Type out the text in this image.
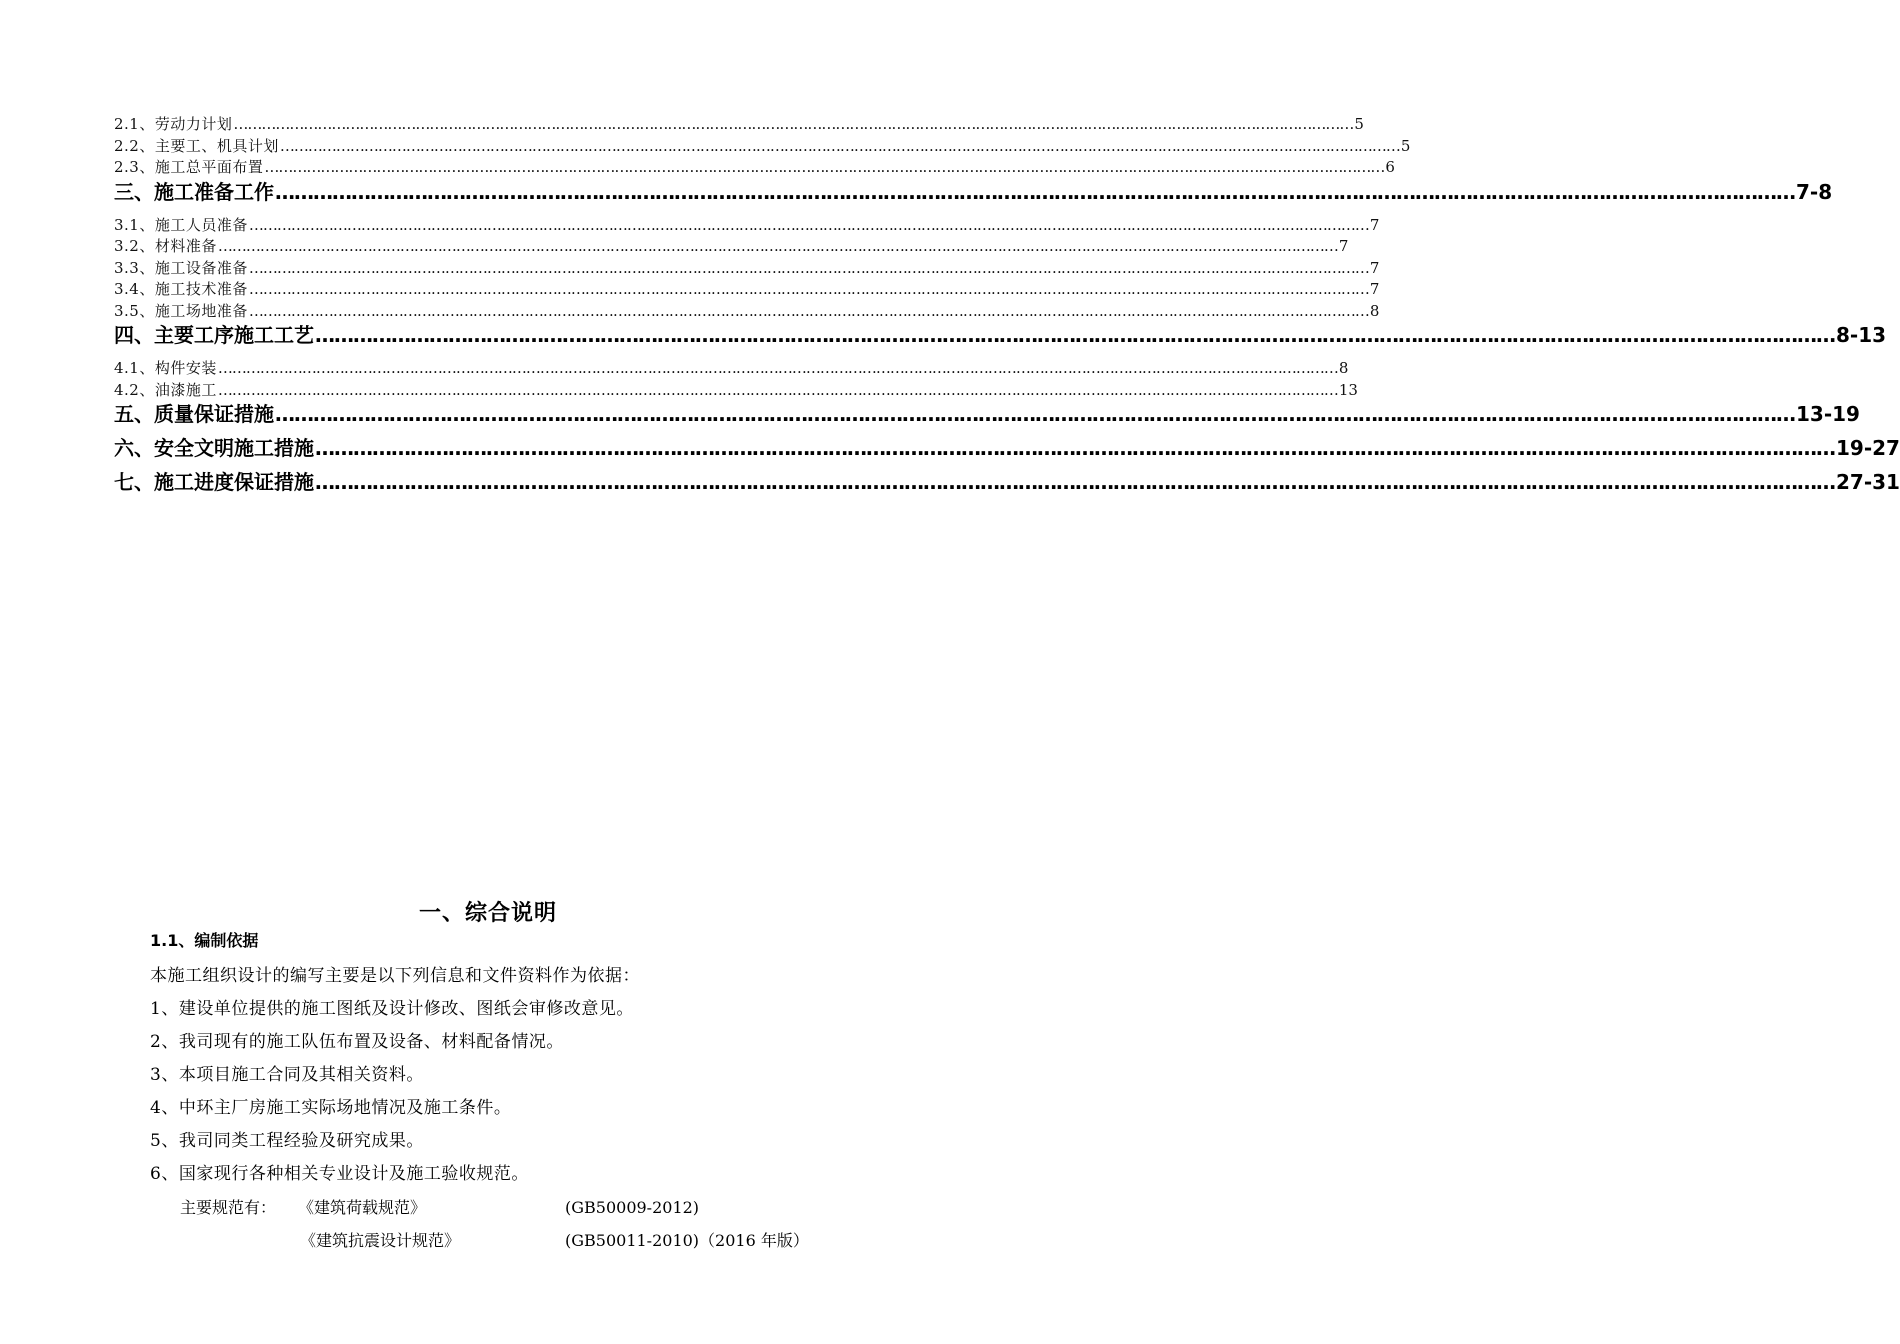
2.1、劳动力计划 …………………………………………………………………………………………………………………………………………………………………………………………………………………… 5
2.2、主要工、机具计划 …………………………………………………………………………………………………………………………………………………………………………………………………………………… 5
2.3、施工总平面布置 …………………………………………………………………………………………………………………………………………………………………………………………………………………… 6
三、施工准备工作 …………………………………………………………………………………………………………………………………………………………………………………………………………………… 7-8
3.1、施工人员准备 …………………………………………………………………………………………………………………………………………………………………………………………………………………… 7
3.2、材料准备 …………………………………………………………………………………………………………………………………………………………………………………………………………………… 7
3.3、施工设备准备 …………………………………………………………………………………………………………………………………………………………………………………………………………………… 7
3.4、施工技术准备 …………………………………………………………………………………………………………………………………………………………………………………………………………………… 7
3.5、施工场地准备 …………………………………………………………………………………………………………………………………………………………………………………………………………………… 8
四、主要工序施工工艺 …………………………………………………………………………………………………………………………………………………………………………………………………………………… 8-13
4.1、构件安装 …………………………………………………………………………………………………………………………………………………………………………………………………………………… 8
4.2、油漆施工 …………………………………………………………………………………………………………………………………………………………………………………………………………………… 13
五、质量保证措施 …………………………………………………………………………………………………………………………………………………………………………………………………………………… 13-19
六、安全文明施工措施 …………………………………………………………………………………………………………………………………………………………………………………………………………………… 19-27
七、施工进度保证措施 …………………………………………………………………………………………………………………………………………………………………………………………………………………… 27-31
一、综合说明
1.1、编制依据
本施工组织设计的编写主要是以下列信息和文件资料作为依据：
1、建设单位提供的施工图纸及设计修改、图纸会审修改意见。
2、我司现有的施工队伍布置及设备、材料配备情况。
3、本项目施工合同及其相关资料。
4、中环主厂房施工实际场地情况及施工条件。
5、我司同类工程经验及研究成果。
6、国家现行各种相关专业设计及施工验收规范。
主要规范有： 《建筑荷载规范》	(GB50009-2012)
《建筑抗震设计规范》	(GB50011-2010)（2016 年版）
